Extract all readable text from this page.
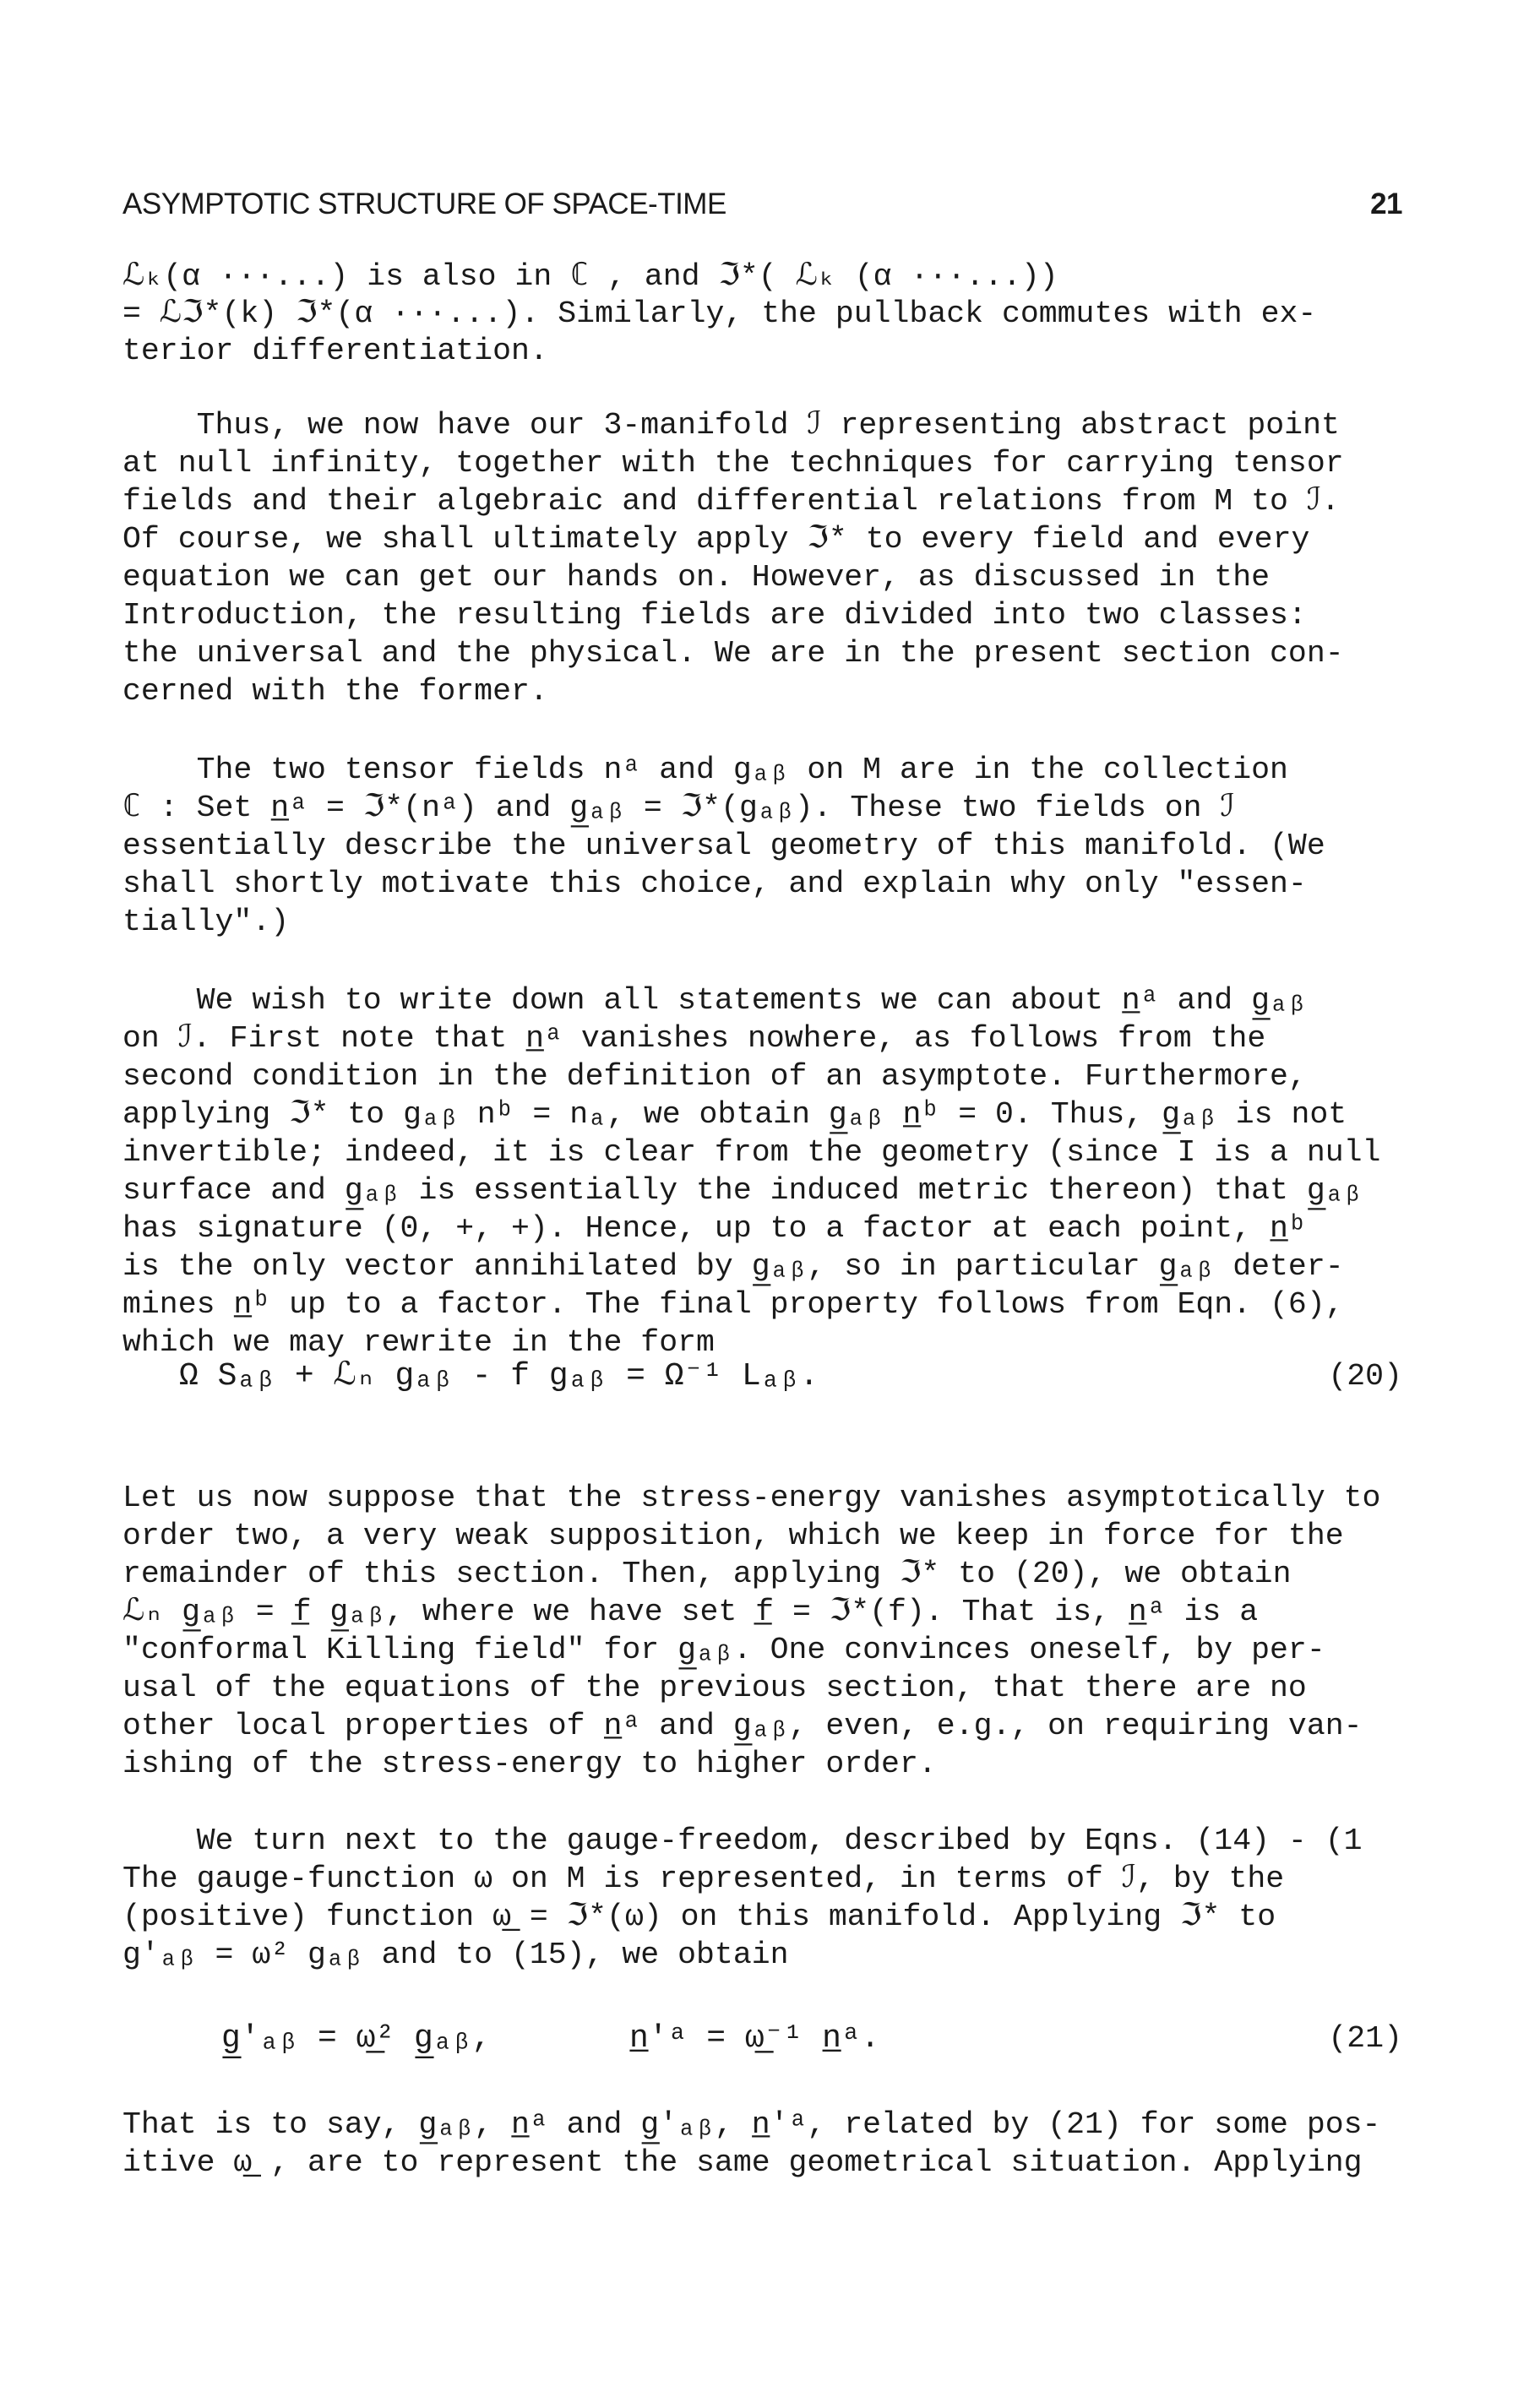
ASYMPTOTIC STRUCTURE OF SPACE-TIME	21
ℒₖ(α ···...) is also in ℂ , and ℑ*( ℒₖ (α ···...))
= ℒℑ*(k) ℑ*(α ···...). Similarly, the pullback commutes with ex-
terior differentiation.
Thus, we now have our 3-manifold ℐ representing abstract point
at null infinity, together with the techniques for carrying tensor
fields and their algebraic and differential relations from M to ℐ.
Of course, we shall ultimately apply ℑ* to every field and every
equation we can get our hands on. However, as discussed in the
Introduction, the resulting fields are divided into two classes:
the universal and the physical. We are in the present section con-
cerned with the former.
The two tensor fields nᵃ and gₐᵦ on M are in the collection
ℂ : Set n̲ᵃ = ℑ*(nᵃ) and g̲ₐᵦ = ℑ*(gₐᵦ). These two fields on ℐ
essentially describe the universal geometry of this manifold. (We
shall shortly motivate this choice, and explain why only "essen-
tially".)
We wish to write down all statements we can about n̲ᵃ and g̲ₐᵦ
on ℐ. First note that n̲ᵃ vanishes nowhere, as follows from the
second condition in the definition of an asymptote. Furthermore,
applying ℑ* to gₐᵦ nᵇ = nₐ, we obtain g̲ₐᵦ n̲ᵇ = 0. Thus, g̲ₐᵦ is not
invertible; indeed, it is clear from the geometry (since I is a null
surface and g̲ₐᵦ is essentially the induced metric thereon) that g̲ₐᵦ
has signature (0, +, +). Hence, up to a factor at each point, n̲ᵇ
is the only vector annihilated by g̲ₐᵦ, so in particular g̲ₐᵦ deter-
mines n̲ᵇ up to a factor. The final property follows from Eqn. (6),
which we may rewrite in the form
Ω Sₐᵦ + ℒₙ gₐᵦ - f gₐᵦ = Ω⁻¹ Lₐᵦ.	(20)
Let us now suppose that the stress-energy vanishes asymptotically to
order two, a very weak supposition, which we keep in force for the
remainder of this section. Then, applying ℑ* to (20), we obtain
ℒₙ g̲ₐᵦ = f̲ g̲ₐᵦ, where we have set f̲ = ℑ*(f). That is, n̲ᵃ is a
"conformal Killing field" for g̲ₐᵦ. One convinces oneself, by per-
usal of the equations of the previous section, that there are no
other local properties of n̲ᵃ and g̲ₐᵦ, even, e.g., on requiring van-
ishing of the stress-energy to higher order.
We turn next to the gauge-freedom, described by Eqns. (14) - (1
The gauge-function ω on M is represented, in terms of ℐ, by the
(positive) function ω̲ = ℑ*(ω) on this manifold. Applying ℑ* to
g'ₐᵦ = ω² gₐᵦ and to (15), we obtain
g̲'ₐᵦ = ω̲² g̲ₐᵦ,	n̲'ᵃ = ω̲⁻¹ n̲ᵃ.	(21)
That is to say, g̲ₐᵦ, n̲ᵃ and g̲'ₐᵦ, n̲'ᵃ, related by (21) for some pos-
itive ω̲ , are to represent the same geometrical situation. Applying
